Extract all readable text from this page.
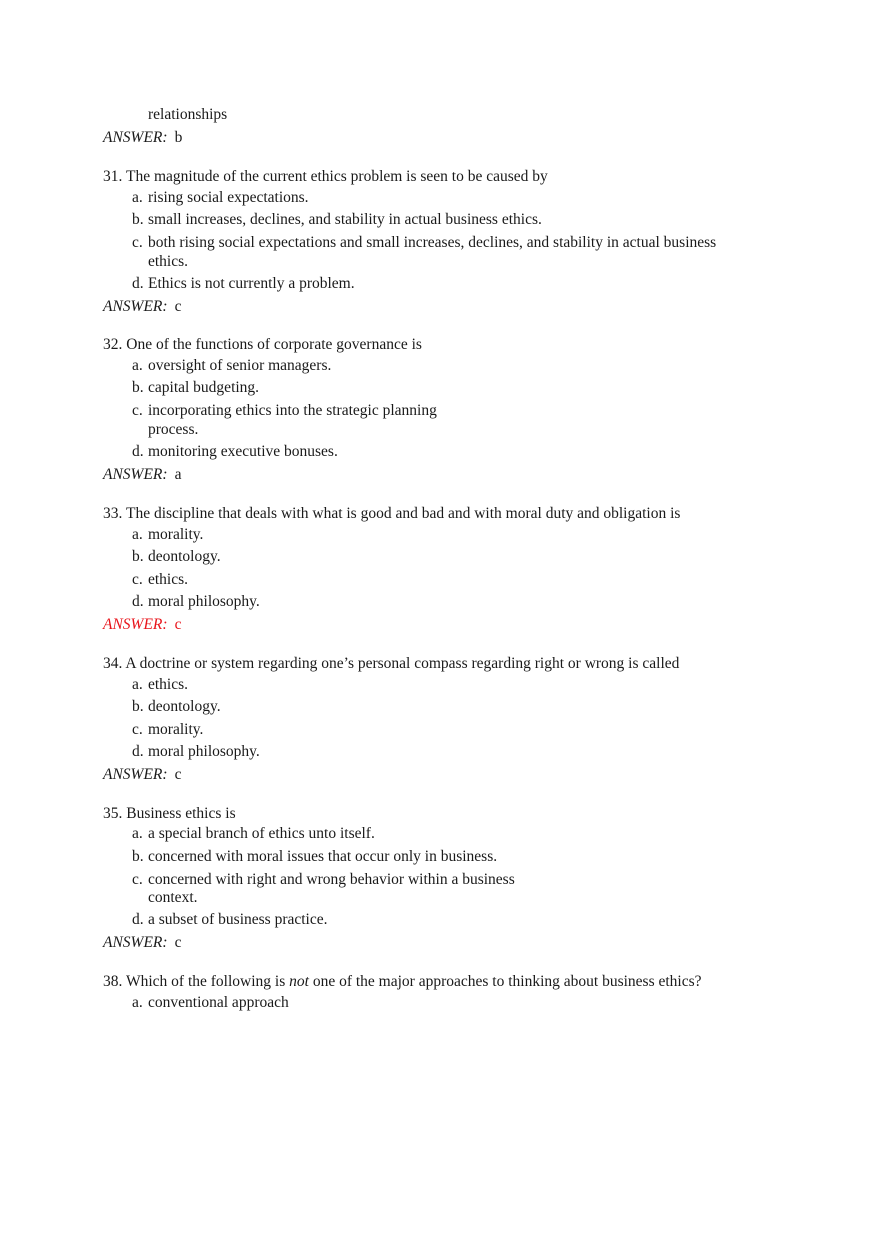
relationships
ANSWER: b
31. The magnitude of the current ethics problem is seen to be caused by
a. rising social expectations.
b. small increases, declines, and stability in actual business ethics.
c. both rising social expectations and small increases, declines, and stability in actual business
ethics.
d. Ethics is not currently a problem.
ANSWER: c
32. One of the functions of corporate governance is
a. oversight of senior managers.
b. capital budgeting.
c. incorporating ethics into the strategic planning
process.
d. monitoring executive bonuses.
ANSWER: a
33. The discipline that deals with what is good and bad and with moral duty and obligation is
a. morality.
b. deontology.
c. ethics.
d. moral philosophy.
ANSWER: c
34. A doctrine or system regarding one’s personal compass regarding right or wrong is called
a. ethics.
b. deontology.
c. morality.
d. moral philosophy.
ANSWER: c
35. Business ethics is
a. a special branch of ethics unto itself.
b. concerned with moral issues that occur only in business.
c. concerned with right and wrong behavior within a business
context.
d. a subset of business practice.
ANSWER: c
38. Which of the following is not one of the major approaches to thinking about business ethics?
a. conventional approach
